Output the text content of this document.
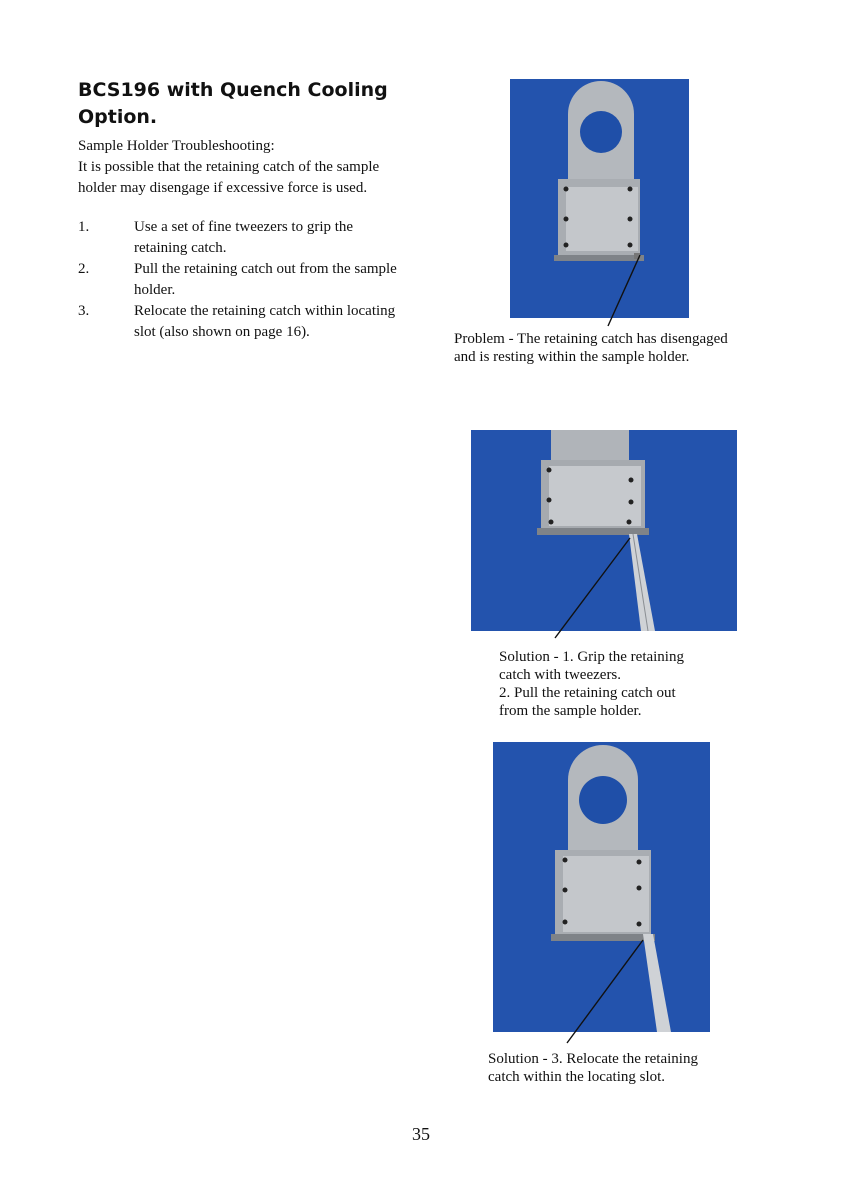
BCS196 with Quench Cooling Option.
Sample Holder Troubleshooting:
It is possible that the retaining catch of the sample holder may disengage if excessive force is used.

1.	Use a set of fine tweezers to grip the retaining catch.

2.	Pull the retaining catch out from the sample holder.

3.	Relocate the retaining catch within locating slot (also shown on page 16).	Problem - The retaining catch has disengaged
and is resting within the sample holder.
Solution - 1. Grip the retaining
catch with tweezers.
2. Pull the retaining catch out
from the sample holder.
Solution - 3. Relocate the retaining
catch within the locating slot.
35
